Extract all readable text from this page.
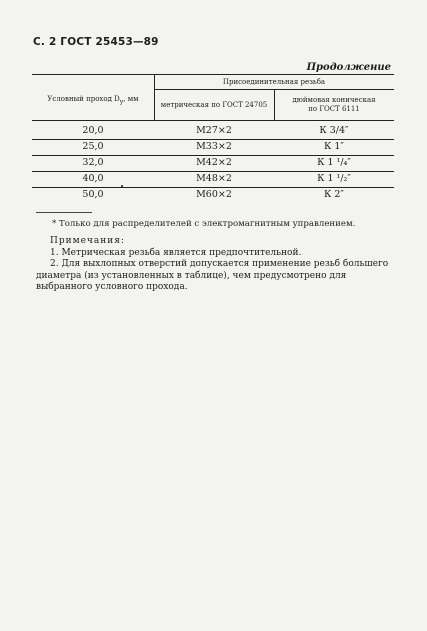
С. 2 ГОСТ 25453—89
Продолжение
Условный проход $D_у$, мм
Присоединительная резьба
метрическая по ГОСТ 24705
дюймовая коническая
по ГОСТ 6111
20,0	M27×2	К 3/4″
25,0	M33×2	К 1″
32,0	M42×2	К 1 ¹/₄″
40,0	M48×2	К 1 ¹/₂″
50,0	M60×2	К 2″
•
* Только для распределителей с электромагнитным управлением.
Примечания:

1. Метрическая резьба является предпочтительной.

2. Для выхлопных отверстий допускается применение резьб большего диаметра (из установленных в таблице), чем предусмотрено для выбранного условного прохода.
